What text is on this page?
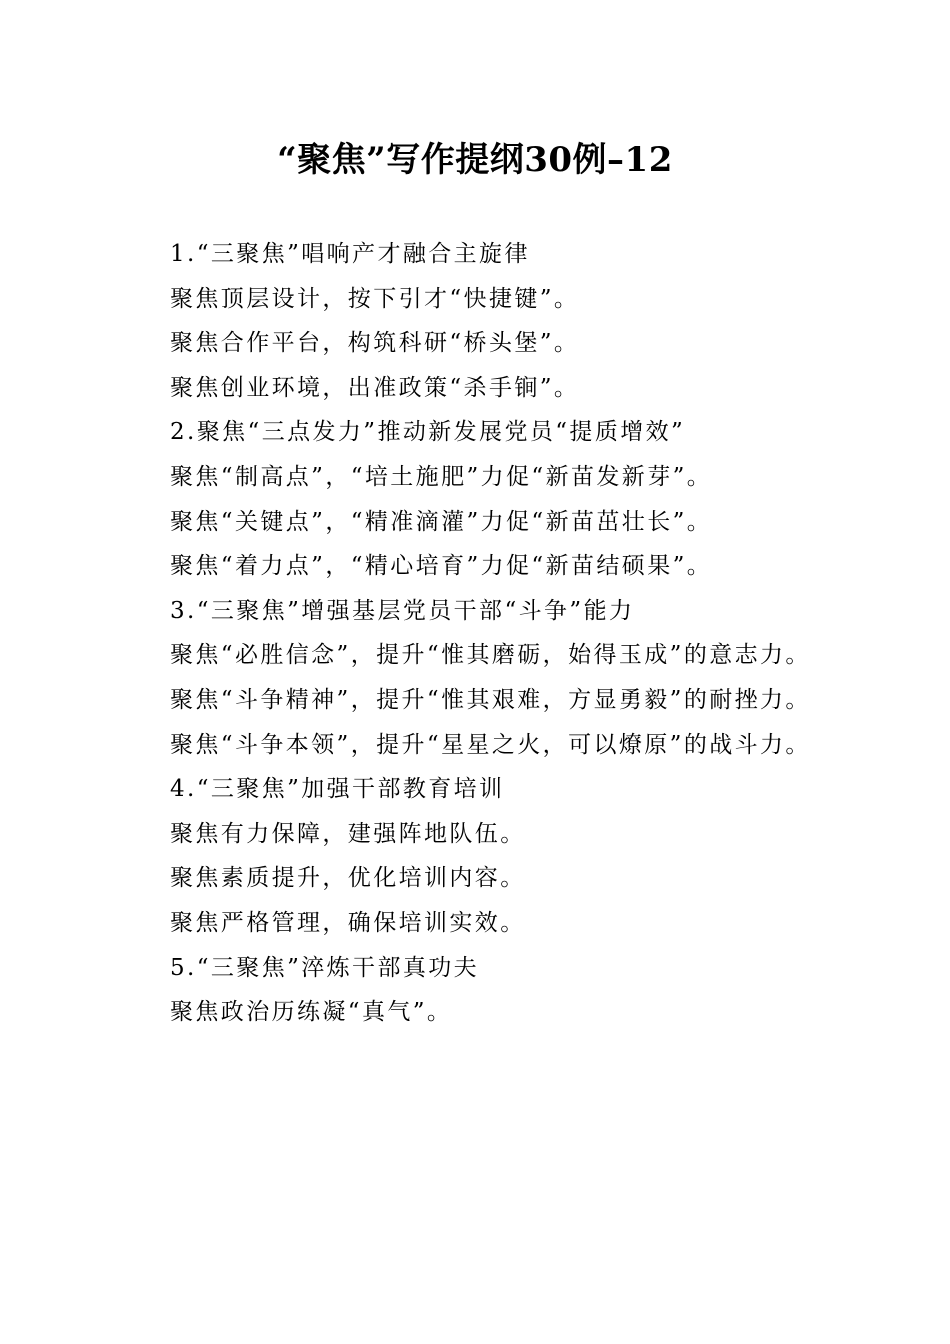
“聚焦”写作提纲30例–12

1.“三聚焦”唱响产才融合主旋律

聚焦顶层设计，按下引才“快捷键”。

聚焦合作平台，构筑科研“桥头堡”。

聚焦创业环境，出准政策“杀手锏”。

2.聚焦“三点发力”推动新发展党员“提质增效”

聚焦“制高点”，“培土施肥”力促“新苗发新芽”。

聚焦“关键点”，“精准滴灌”力促“新苗茁壮长”。

聚焦“着力点”，“精心培育”力促“新苗结硕果”。

3.“三聚焦”增强基层党员干部“斗争”能力

聚焦“必胜信念”，提升“惟其磨砺，始得玉成”的意志力。

聚焦“斗争精神”，提升“惟其艰难，方显勇毅”的耐挫力。

聚焦“斗争本领”，提升“星星之火，可以燎原”的战斗力。

4.“三聚焦”加强干部教育培训

聚焦有力保障，建强阵地队伍。

聚焦素质提升，优化培训内容。

聚焦严格管理，确保培训实效。

5.“三聚焦”淬炼干部真功夫

聚焦政治历练凝“真气”。
